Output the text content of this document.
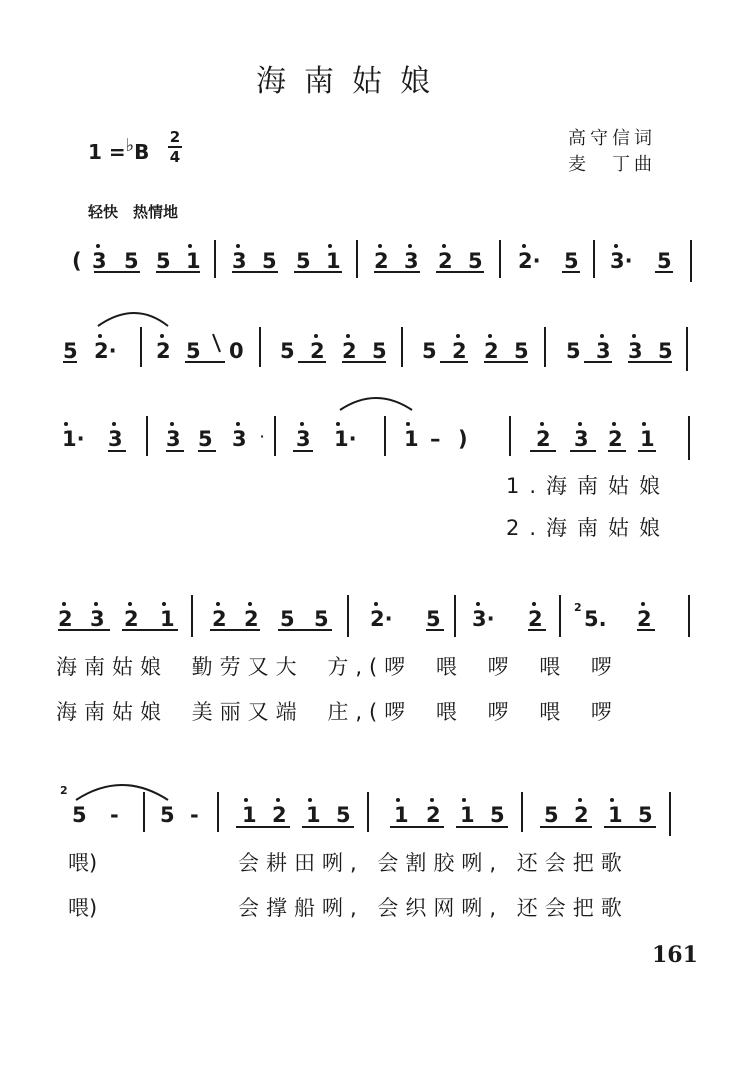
海南姑娘
高守信词
麦　丁曲
1 =♭B
2
4
轻快　热情地
( 3 5 5 1 3 5 5 1 2 3 2 5 2· 5 3· 5
5 2· 2 5 0 5 2 2 5 5 2 2 5 5 3 3 5
1· 3 3 5 3 · 3 1· 1 – )	2 3 2 1
2 3 2 1 2 2 5 5 2· 5 3· 2	2 5. 2
2
5 - 5 - 1 2 1 5 1 2 1 5 5 2 1 5
1.海南姑娘
2.海南姑娘
海南姑娘 勤劳又大 方,(啰 喂 啰 喂 啰
海南姑娘 美丽又端 庄,(啰 喂 啰 喂 啰
喂)	会耕田咧, 会割胶咧, 还会把歌
喂)	会撑船咧, 会织网咧, 还会把歌
161
